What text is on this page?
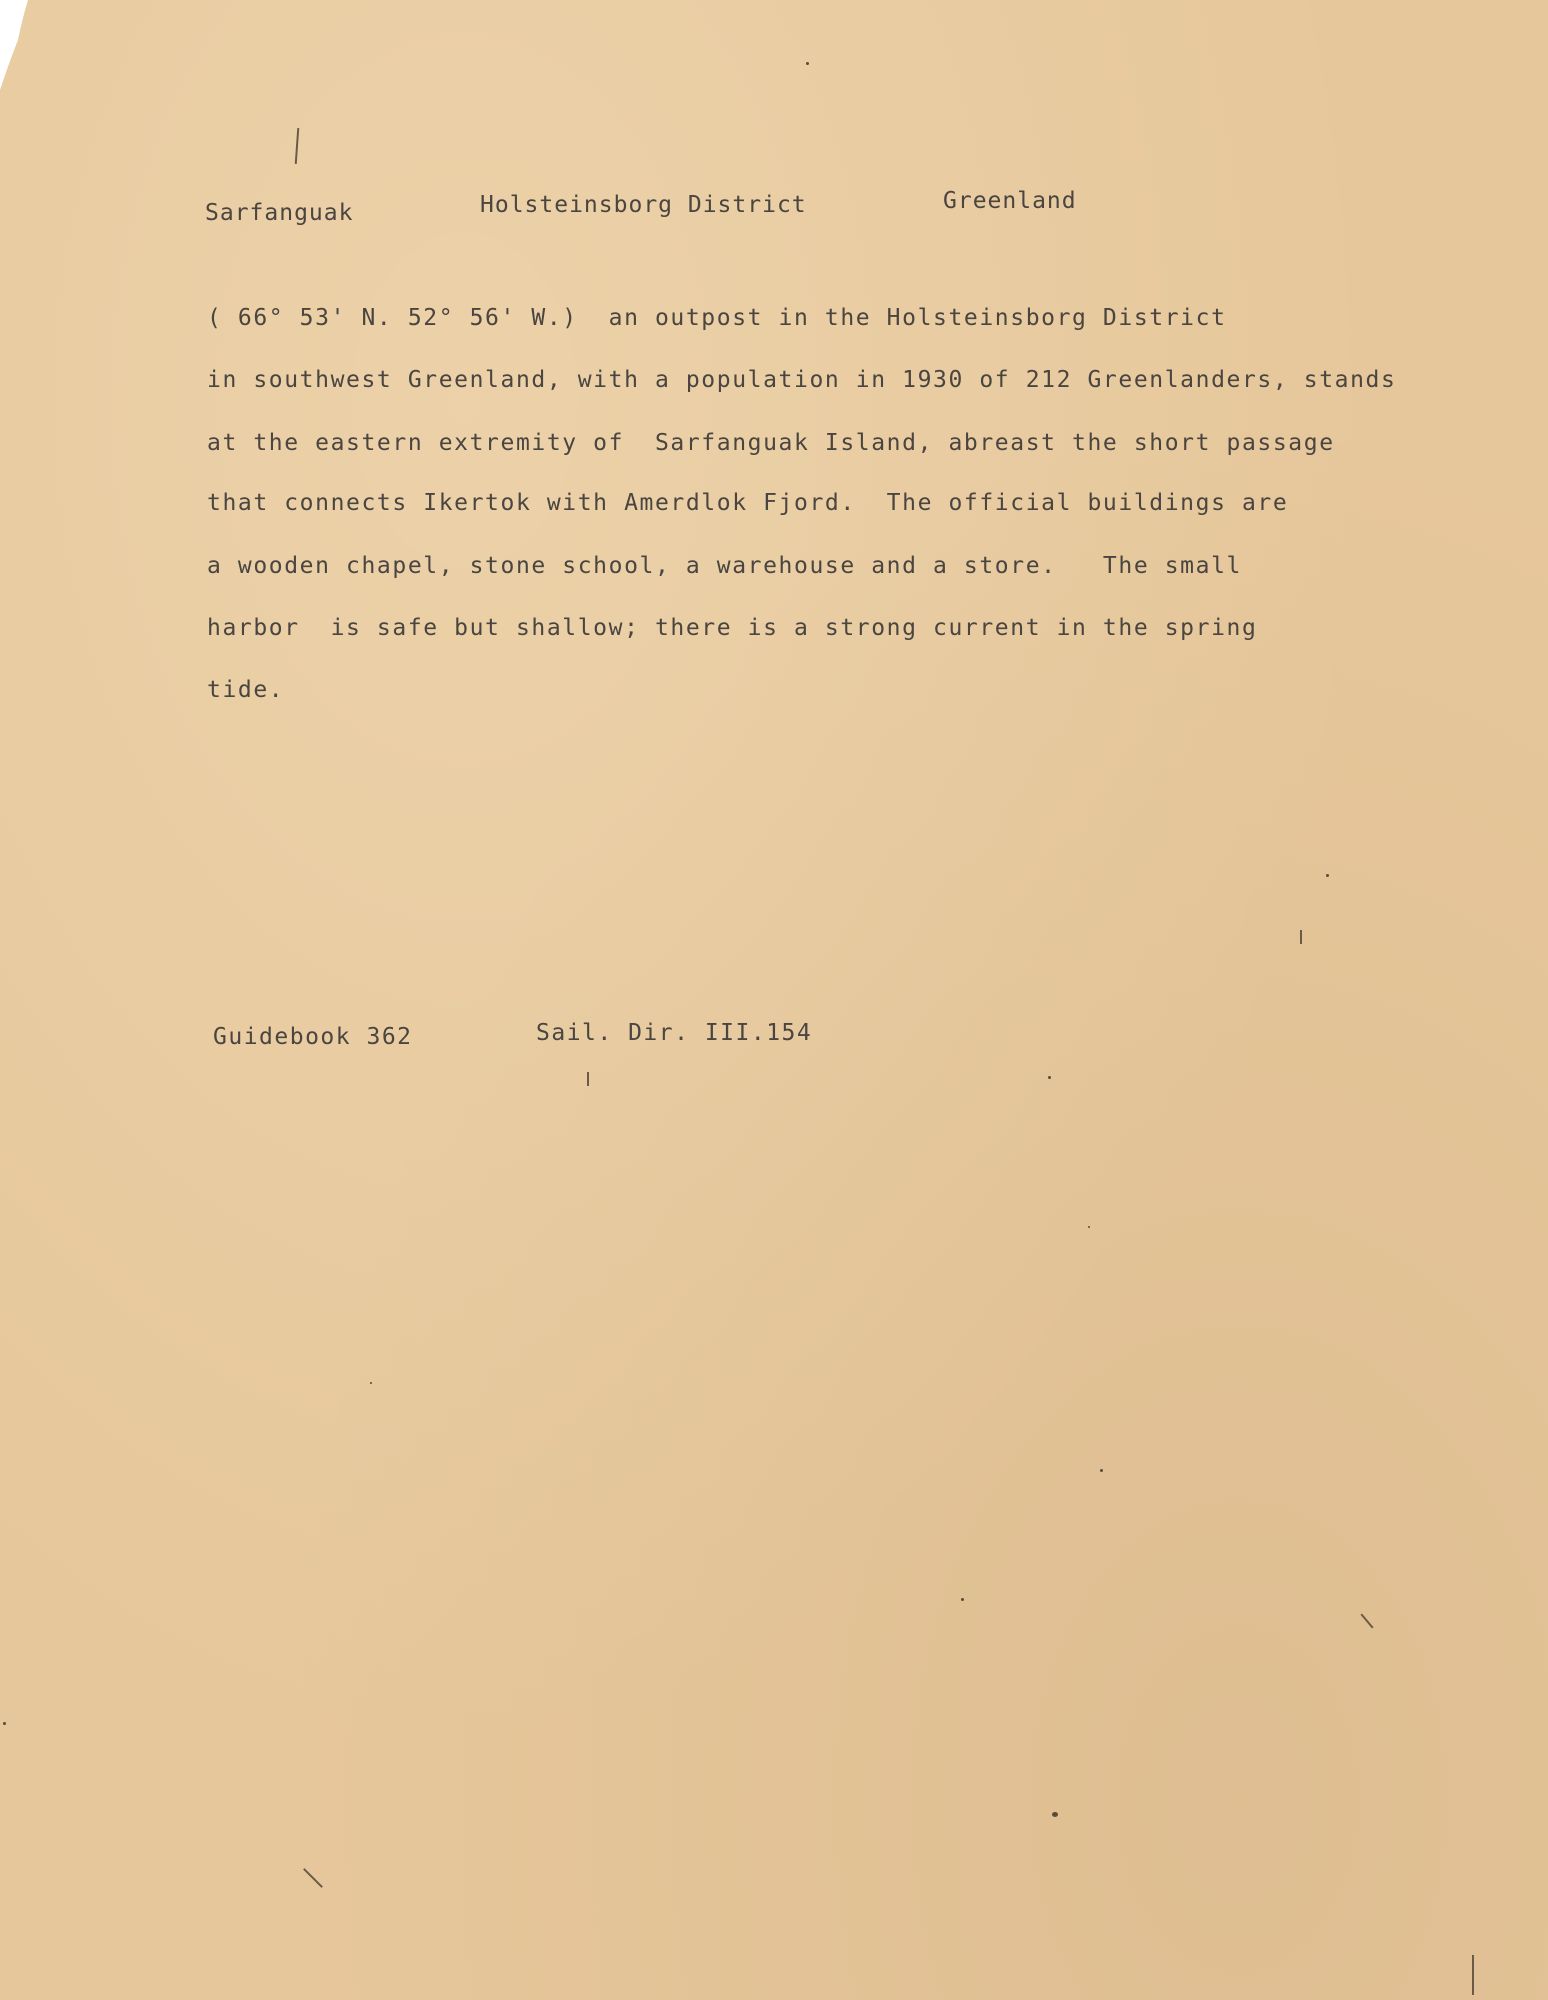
Sarfanguak	Holsteinsborg District	Greenland
( 66° 53' N. 52° 56' W.)  an outpost in the Holsteinsborg District
in southwest Greenland, with a population in 1930 of 212 Greenlanders, stands
at the eastern extremity of  Sarfanguak Island, abreast the short passage
that connects Ikertok with Amerdlok Fjord.  The official buildings are
a wooden chapel, stone school, a warehouse and a store.   The small
harbor  is safe but shallow; there is a strong current in the spring
tide.
Guidebook 362	Sail. Dir. III.154
